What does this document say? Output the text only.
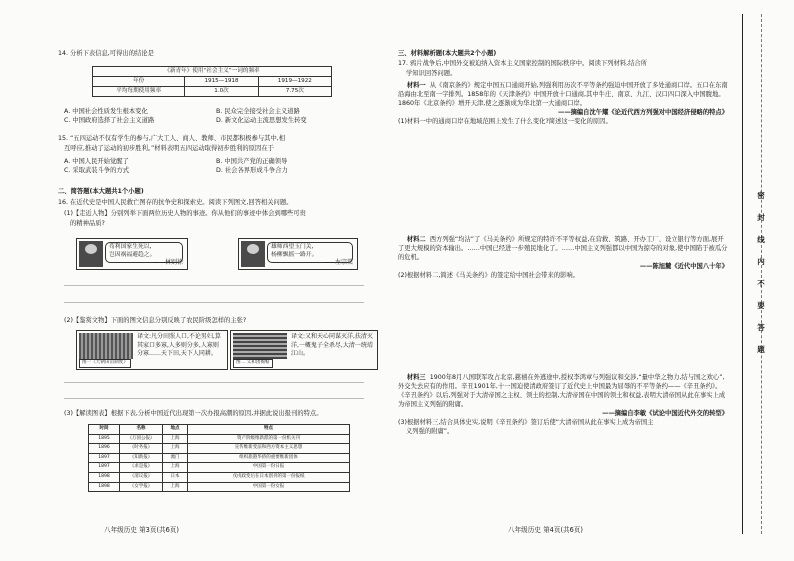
14. 分析下表信息,可得出的结论是

《新青年》使用“社会主义”一词的频率		
年份	1915—1918	1919—1922
平均每期使用频率	1.0次	7.75次
A. 中国社会性质发生根本变化	B. 民众完全接受社会主义道路
C. 中国政府选择了社会主义道路	D. 新文化运动主流思想发生转变

15. “五四运动不仅有学生的参与,广大工人、商人、教师、市民都积极参与其中,相

互呼应,推动了运动的初步胜利。”材料表明五四运动取得初步胜利的原因在于

A. 中国人民开始觉醒了	B. 中国共产党的正确领导
C. 采取武装斗争的方式	D. 社会各界形成斗争合力

二、简答题(本大题共1个小题)

16. 在近代史是中国人民救亡图存的抗争史和探索史。阅读下列图文,回答相关问题。

(1)【走近人物】分别列举下面两位历史人物的事迹。你从他们的事迹中体会到哪些可贵

的精神品质?

苟利国家生死以,
岂因祸福避趋之。
——林则徐
雄师西望玉门关,
杨柳飘摇一路开。
——左宗棠

(2)【鉴赏文物】下面的图文信息分别反映了农民阶级怎样的主张?

图一《天朝田亩制度》
译文:凡分田照人口,不论男妇,算其家口多寡,人多则分多,人寡则分寡……天下田,天下人同耕。
图二 义和团揭帖
译文:又和天心同谋灭洋,扶清灭洋,一概鬼子全杀尽,大清一统靖江山。

(3)【解读图表】根据下表,分析中国近代出现第一次办报高潮的原因,并据此说出报刊的特点。

时间	名称	地点	特点
1895	《万国公报》	上海	资产阶级维新派的第一份机关刊
1896	《时务报》	上海	宣传维新变法和西方资本主义思想
1897	《知新报》	澳门	组织旅港华侨的重要维新团体
1897	《求是报》	上海	中国第一份日报
1898	《清议报》	日本	戊戌政变后在日本创刊的第一份报纸
1898	《女学报》	上海	中国第一份女报
八年级历史 第3页(共6页)

三、材料解析题(本大题共2个小题)

17. 鸦片战争后,中国外交被迫纳入资本主义国家控制的国际秩序中。阅读下列材料,结合所

学知识回答问题。

材料一 从《南京条约》规定中国五口通商开始,列强利用历次不平等条约强迫中国开放了多处通商口岸。五口在东南沿海由北至南一字排列。1858年的《天津条约》中国开放十口通商,其中牛庄、南京、九江、汉口四口深入中国腹地。1860年《北京条约》增开天津,使之逐渐成为华北第一大通商口岸。

——摘编自沈午耀《论近代西方列强对中国经济侵略的特点》

(1)材料一中的通商口岸在地域范围上发生了什么变化?简述这一变化的原因。

材料二 西方列强“均沾”了《马关条约》所规定的特许不平等权益,在营救、筑路、开办工厂、设立银行等方面,展开了更大规模的资本输出。……中国已经进一步殖民地化了。……中国主义列强都以中国为掠夺的对象,使中国陷于被瓜分的危机。

——陈旭麓《近代中国八十年》

(2)根据材料二,简述《马关条约》的签定给中国社会带来的影响。

材料三 1900年8月八国联军攻占北京,慈禧在外逃途中,授权李鸿章与列强议和交涉,“量中华之物力,结与国之欢心”,外交失去应有的作用。辛丑1901年,十一国迫使清政府签订了近代史上中国最为屈辱的不平等条约——《辛丑条约》。《辛丑条约》以后,列强对于大清帝国之主权、领土的控制,大清帝国在中国的领土和权益,表明大清帝国从此在事实上成为帝国主义列强的附庸。

——摘编自李敏《试论中国近代外交的转型》

(3)根据材料三,结合具体史实,说明《辛丑条约》签订后使“大清帝国从此在事实上成为帝国主

义列强的附庸”。

八年级历史 第4页(共6页)
密
封
线
内
不
要
答
题
